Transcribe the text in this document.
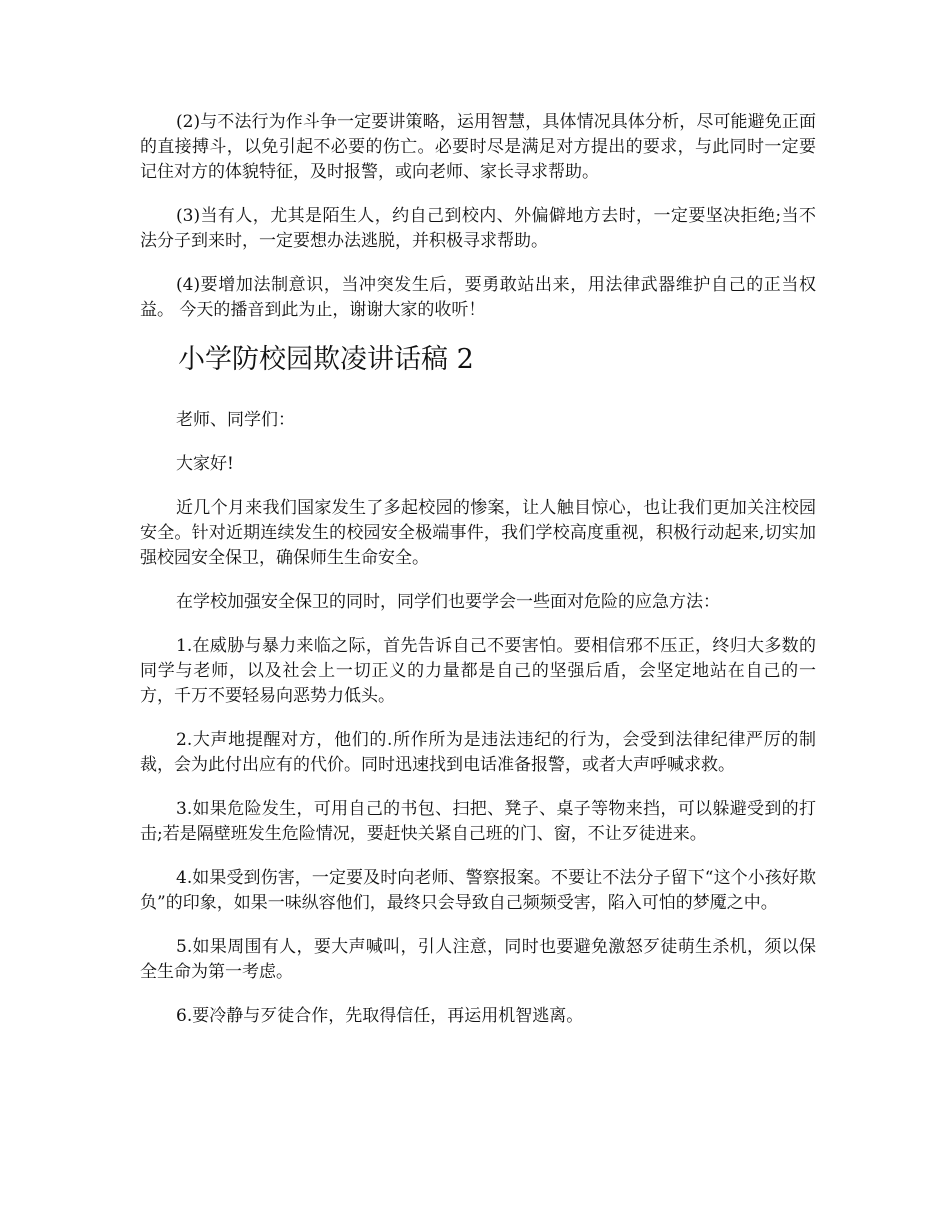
(2)与不法行为作斗争一定要讲策略，运用智慧，具体情况具体分析，尽可能避免正面的直接搏斗，以免引起不必要的伤亡。必要时尽是满足对方提出的要求，与此同时一定要记住对方的体貌特征，及时报警，或向老师、家长寻求帮助。

(3)当有人，尤其是陌生人，约自己到校内、外偏僻地方去时，一定要坚决拒绝;当不法分子到来时，一定要想办法逃脱，并积极寻求帮助。

(4)要增加法制意识，当冲突发生后，要勇敢站出来，用法律武器维护自己的正当权益。 今天的播音到此为止，谢谢大家的收听！

小学防校园欺凌讲话稿 2

老师、同学们：

大家好!

近几个月来我们国家发生了多起校园的惨案，让人触目惊心，也让我们更加关注校园安全。针对近期连续发生的校园安全极端事件，我们学校高度重视，积极行动起来,切实加强校园安全保卫，确保师生生命安全。

在学校加强安全保卫的同时，同学们也要学会一些面对危险的应急方法：

1.在威胁与暴力来临之际，首先告诉自己不要害怕。要相信邪不压正，终归大多数的同学与老师，以及社会上一切正义的力量都是自己的坚强后盾，会坚定地站在自己的一方，千万不要轻易向恶势力低头。

2.大声地提醒对方，他们的.所作所为是违法违纪的行为，会受到法律纪律严厉的制裁，会为此付出应有的代价。同时迅速找到电话准备报警，或者大声呼喊求救。

3.如果危险发生，可用自己的书包、扫把、凳子、桌子等物来挡，可以躲避受到的打击;若是隔壁班发生危险情况，要赶快关紧自己班的门、窗，不让歹徒进来。

4.如果受到伤害，一定要及时向老师、警察报案。不要让不法分子留下“这个小孩好欺负”的印象，如果一味纵容他们，最终只会导致自己频频受害，陷入可怕的梦魇之中。

5.如果周围有人，要大声喊叫，引人注意，同时也要避免激怒歹徒萌生杀机，须以保全生命为第一考虑。

6.要冷静与歹徒合作，先取得信任，再运用机智逃离。
